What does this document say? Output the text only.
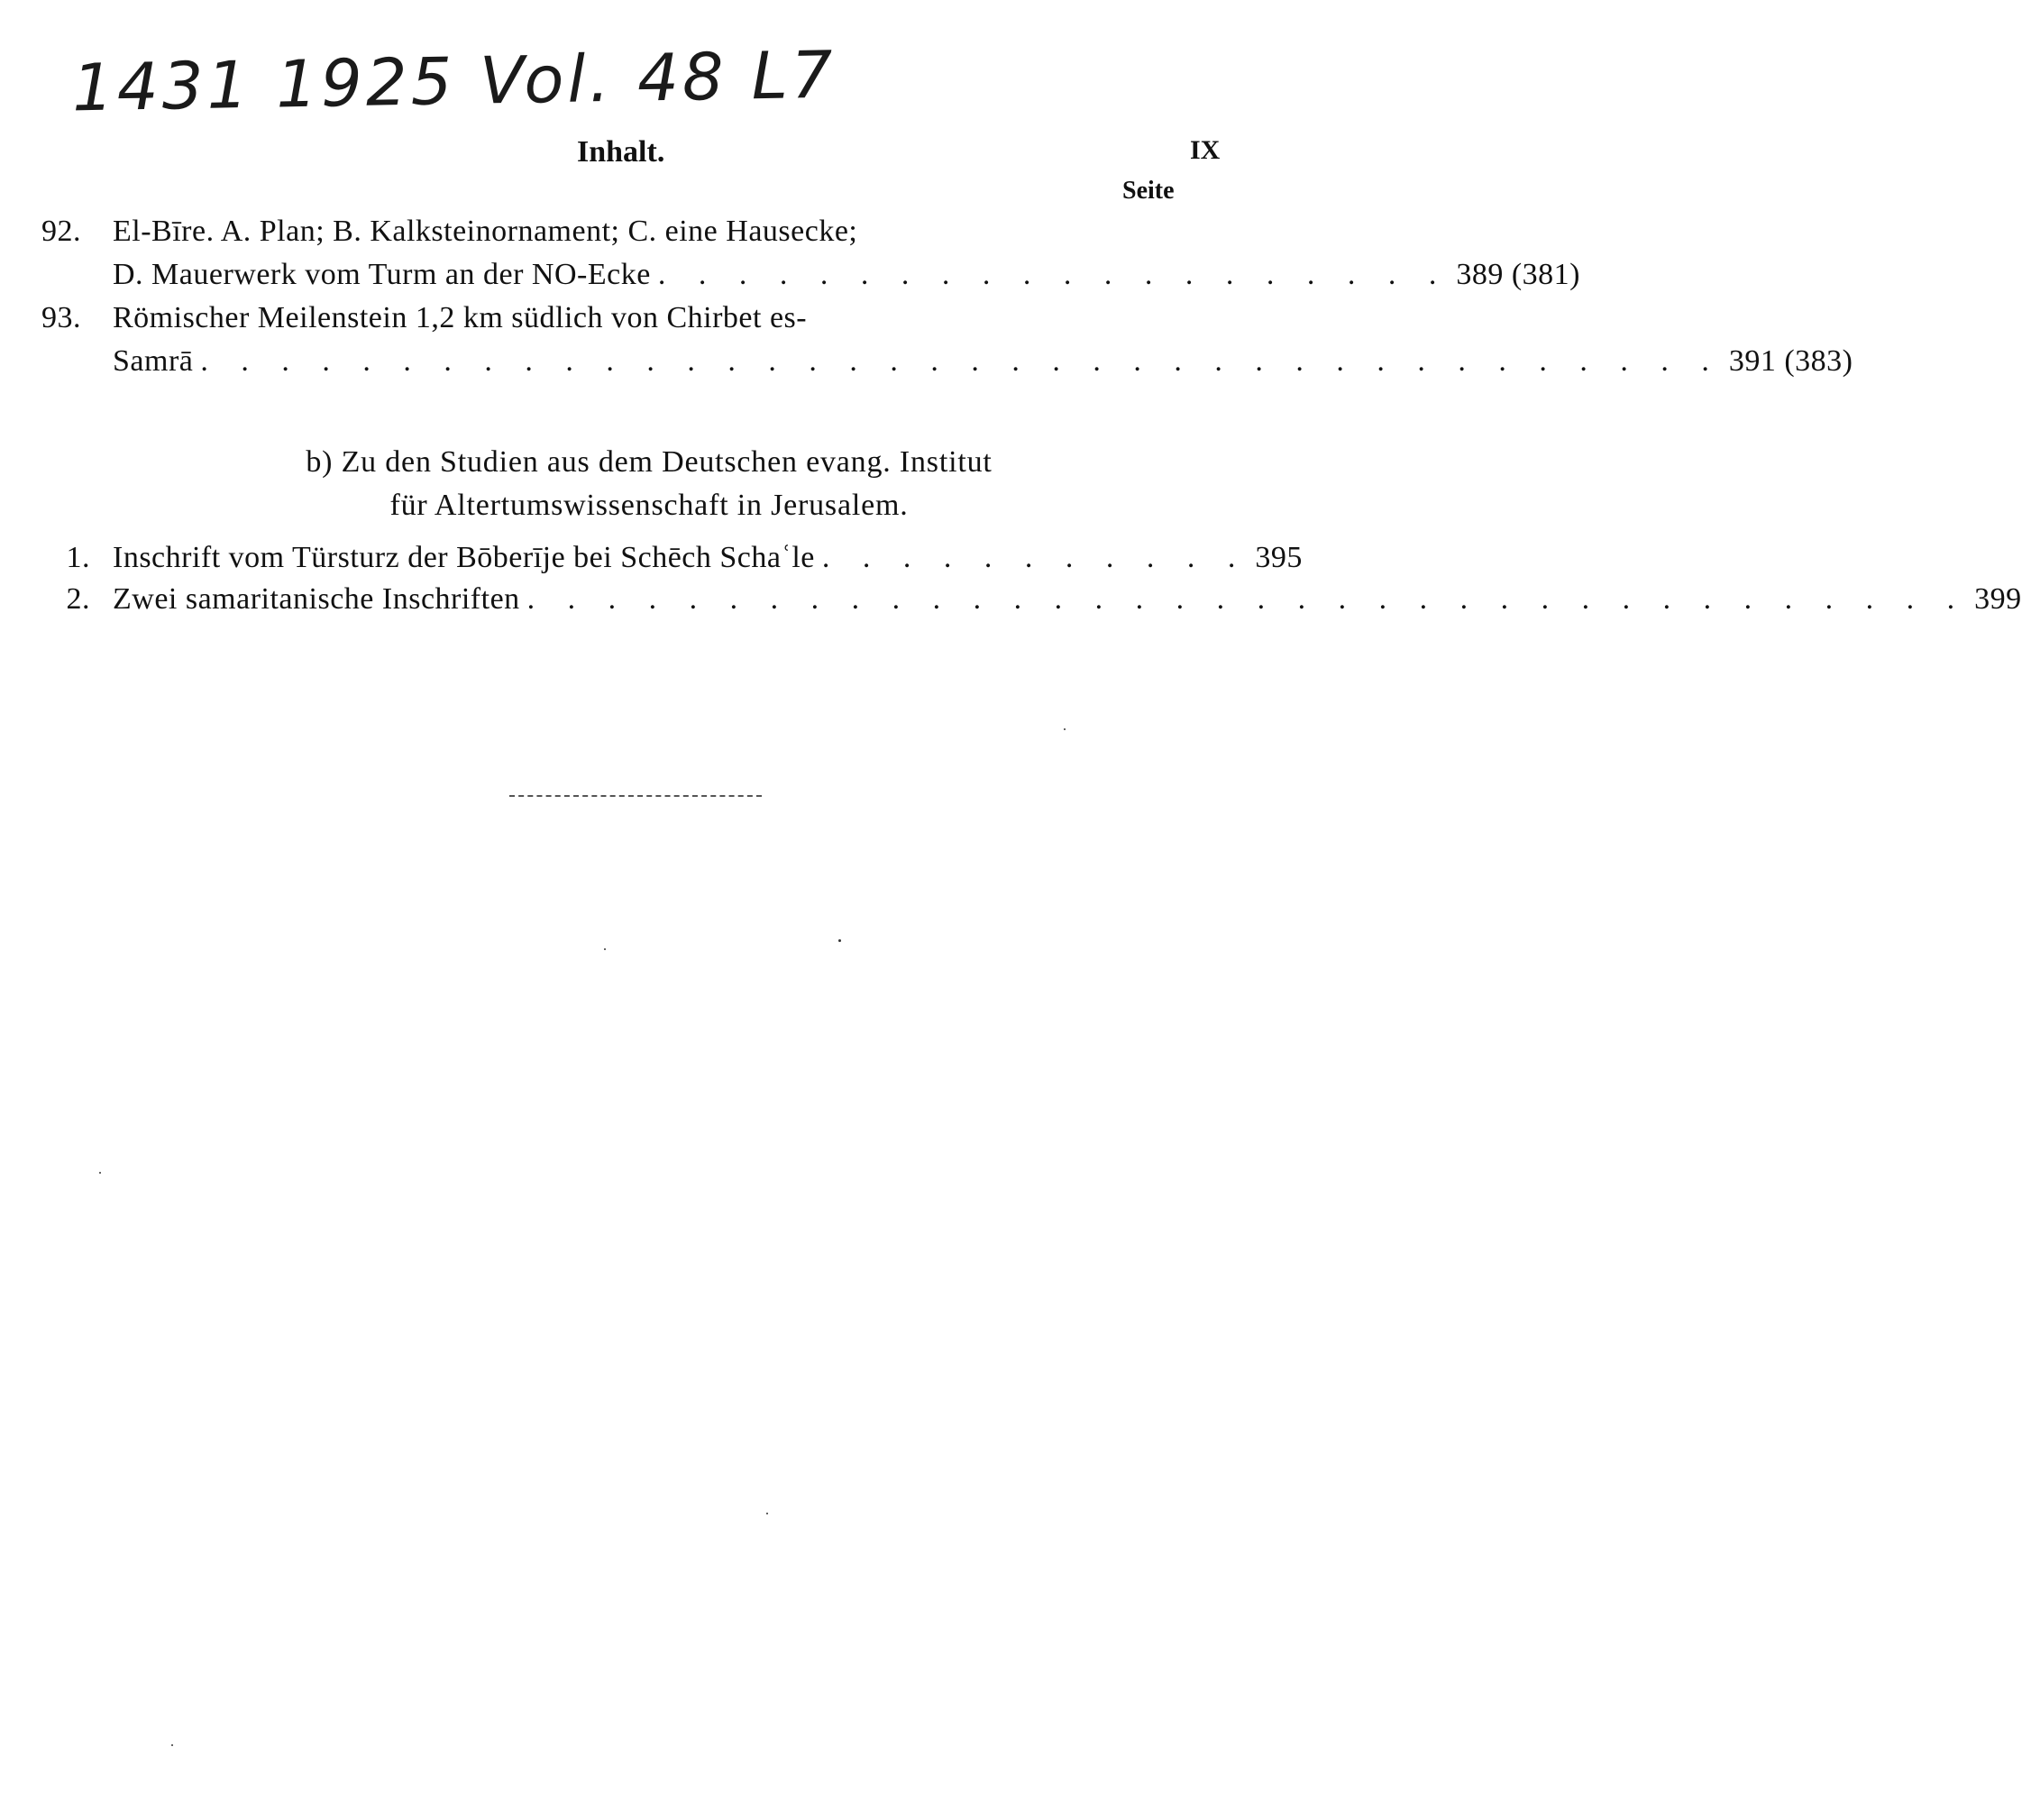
1431 1925 Vol. 48 L7
Inhalt.	IX
Seite
92. El-Bīre. A. Plan; B. Kalksteinornament; C. eine Hausecke;
D. Mauerwerk vom Turm an der NO-Ecke . . . . . . . . . . . . . . . . . . . . 389 (381)
93. Römischer Meilenstein 1,2 km südlich von Chirbet es-
Samrā . . . . . . . . . . . . . . . . . . . . . . . . . . . . . . . . . . . . . . 391 (383)
b) Zu den Studien aus dem Deutschen evang. Institut
für Altertumswissenschaft in Jerusalem.
1. Inschrift vom Türsturz der Bōberīje bei Schēch Schaʿle . . . . . . . . . . . 395
2. Zwei samaritanische Inschriften . . . . . . . . . . . . . . . . . . . . . . . . . . . . . . . . . . . . 399
